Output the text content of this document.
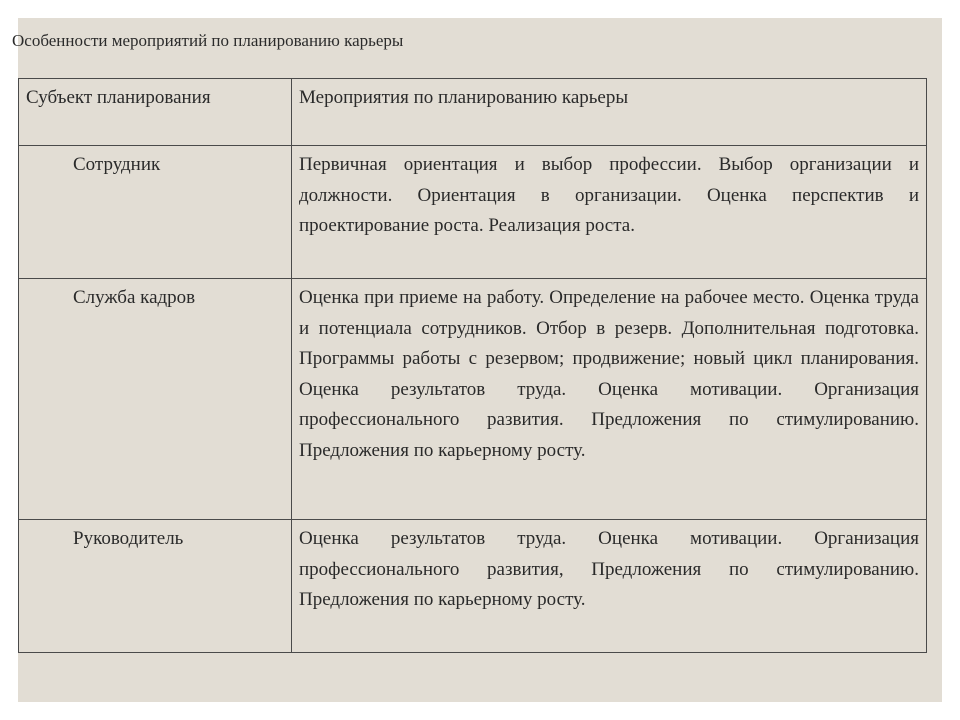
Особенности мероприятий по планированию карьеры
Субъект планирования	Мероприятия по планированию карьеры
Сотрудник	Первичная ориентация и выбор профессии. Выбор организации и должности. Ориентация в организации. Оценка перспектив и проектирование роста. Реализация роста.
Служба кадров	Оценка при приеме на работу. Определение на рабочее место. Оценка труда и потенциала сотрудников. Отбор в резерв. Дополнительная подготовка. Программы работы с резервом; продвижение; новый цикл планирования. Оценка результатов труда. Оценка мотивации. Организация профессионального развития. Предложения по стимулированию. Предложения по карьерному росту.
Руководитель	Оценка результатов труда. Оценка мотивации. Организация профессионального развития, Предложения по стимулированию. Предложения по карьерному росту.
